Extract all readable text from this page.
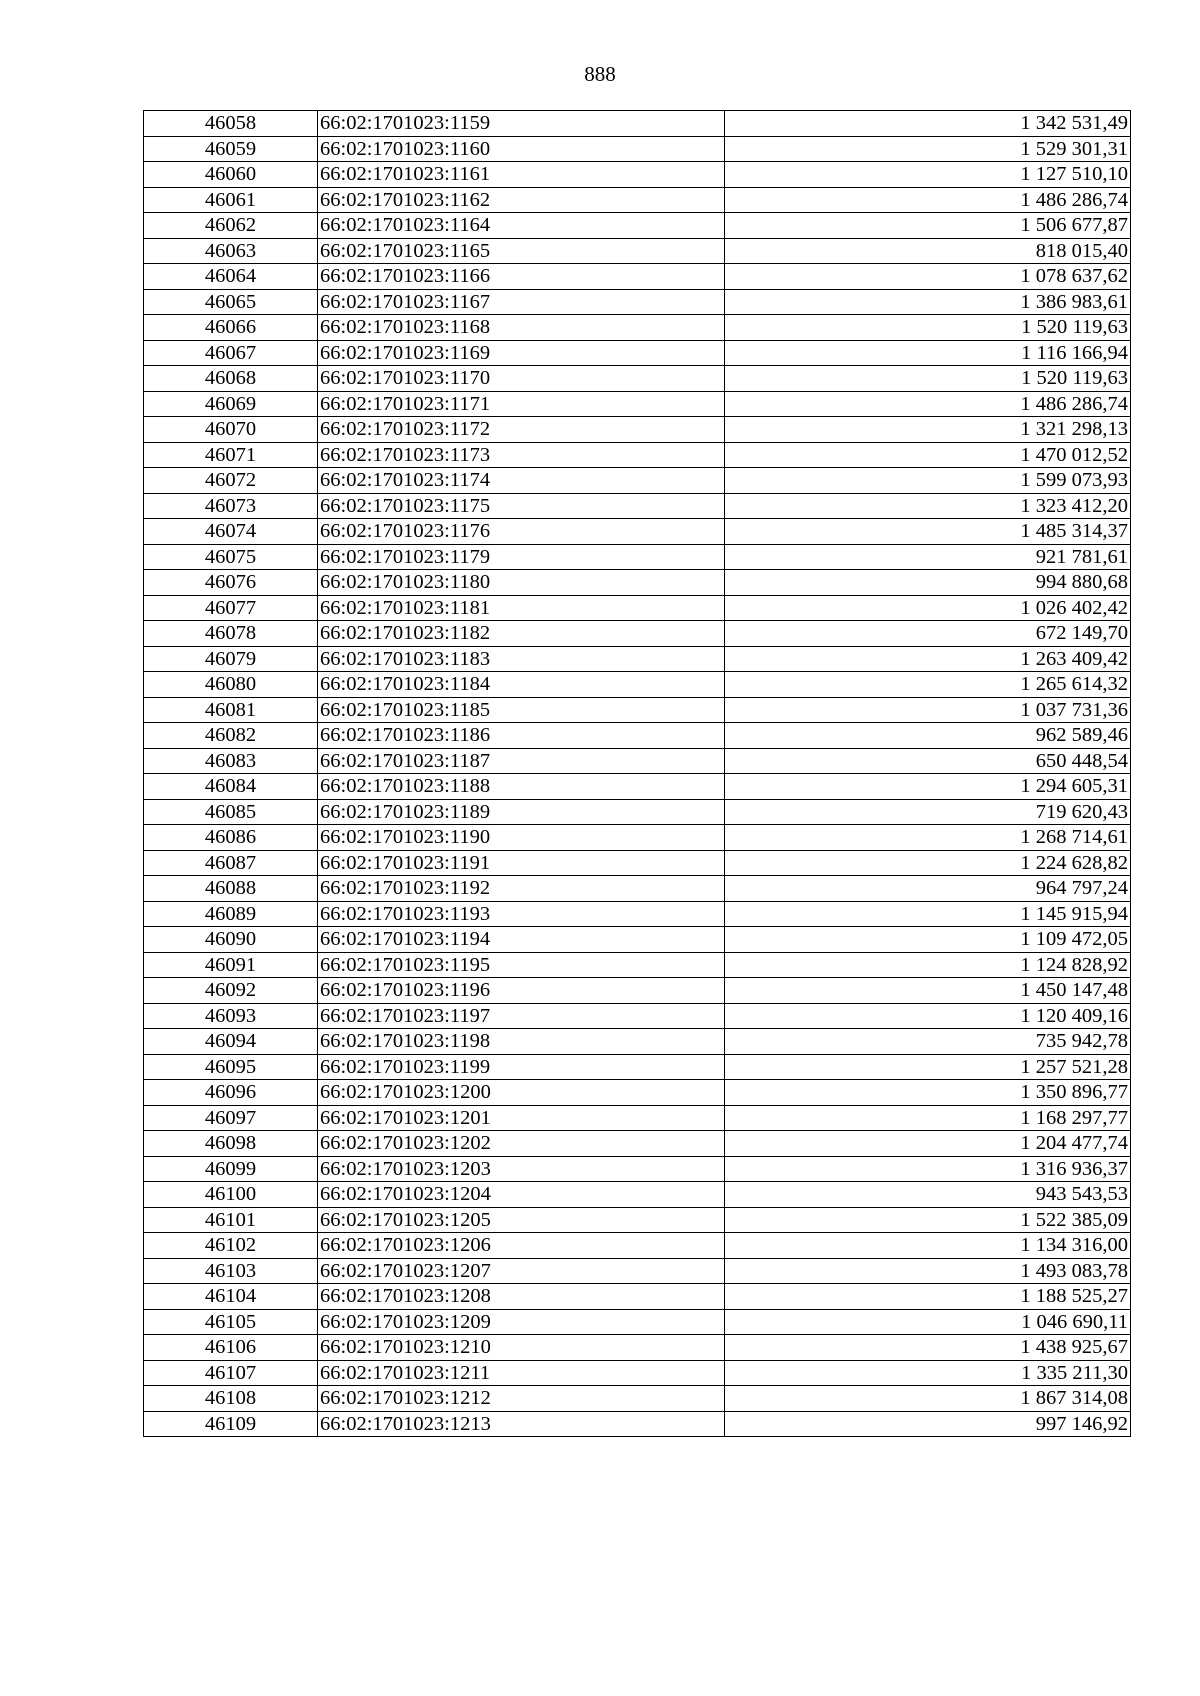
888
46058	66:02:1701023:1159	1 342 531,49
46059	66:02:1701023:1160	1 529 301,31
46060	66:02:1701023:1161	1 127 510,10
46061	66:02:1701023:1162	1 486 286,74
46062	66:02:1701023:1164	1 506 677,87
46063	66:02:1701023:1165	818 015,40
46064	66:02:1701023:1166	1 078 637,62
46065	66:02:1701023:1167	1 386 983,61
46066	66:02:1701023:1168	1 520 119,63
46067	66:02:1701023:1169	1 116 166,94
46068	66:02:1701023:1170	1 520 119,63
46069	66:02:1701023:1171	1 486 286,74
46070	66:02:1701023:1172	1 321 298,13
46071	66:02:1701023:1173	1 470 012,52
46072	66:02:1701023:1174	1 599 073,93
46073	66:02:1701023:1175	1 323 412,20
46074	66:02:1701023:1176	1 485 314,37
46075	66:02:1701023:1179	921 781,61
46076	66:02:1701023:1180	994 880,68
46077	66:02:1701023:1181	1 026 402,42
46078	66:02:1701023:1182	672 149,70
46079	66:02:1701023:1183	1 263 409,42
46080	66:02:1701023:1184	1 265 614,32
46081	66:02:1701023:1185	1 037 731,36
46082	66:02:1701023:1186	962 589,46
46083	66:02:1701023:1187	650 448,54
46084	66:02:1701023:1188	1 294 605,31
46085	66:02:1701023:1189	719 620,43
46086	66:02:1701023:1190	1 268 714,61
46087	66:02:1701023:1191	1 224 628,82
46088	66:02:1701023:1192	964 797,24
46089	66:02:1701023:1193	1 145 915,94
46090	66:02:1701023:1194	1 109 472,05
46091	66:02:1701023:1195	1 124 828,92
46092	66:02:1701023:1196	1 450 147,48
46093	66:02:1701023:1197	1 120 409,16
46094	66:02:1701023:1198	735 942,78
46095	66:02:1701023:1199	1 257 521,28
46096	66:02:1701023:1200	1 350 896,77
46097	66:02:1701023:1201	1 168 297,77
46098	66:02:1701023:1202	1 204 477,74
46099	66:02:1701023:1203	1 316 936,37
46100	66:02:1701023:1204	943 543,53
46101	66:02:1701023:1205	1 522 385,09
46102	66:02:1701023:1206	1 134 316,00
46103	66:02:1701023:1207	1 493 083,78
46104	66:02:1701023:1208	1 188 525,27
46105	66:02:1701023:1209	1 046 690,11
46106	66:02:1701023:1210	1 438 925,67
46107	66:02:1701023:1211	1 335 211,30
46108	66:02:1701023:1212	1 867 314,08
46109	66:02:1701023:1213	997 146,92
